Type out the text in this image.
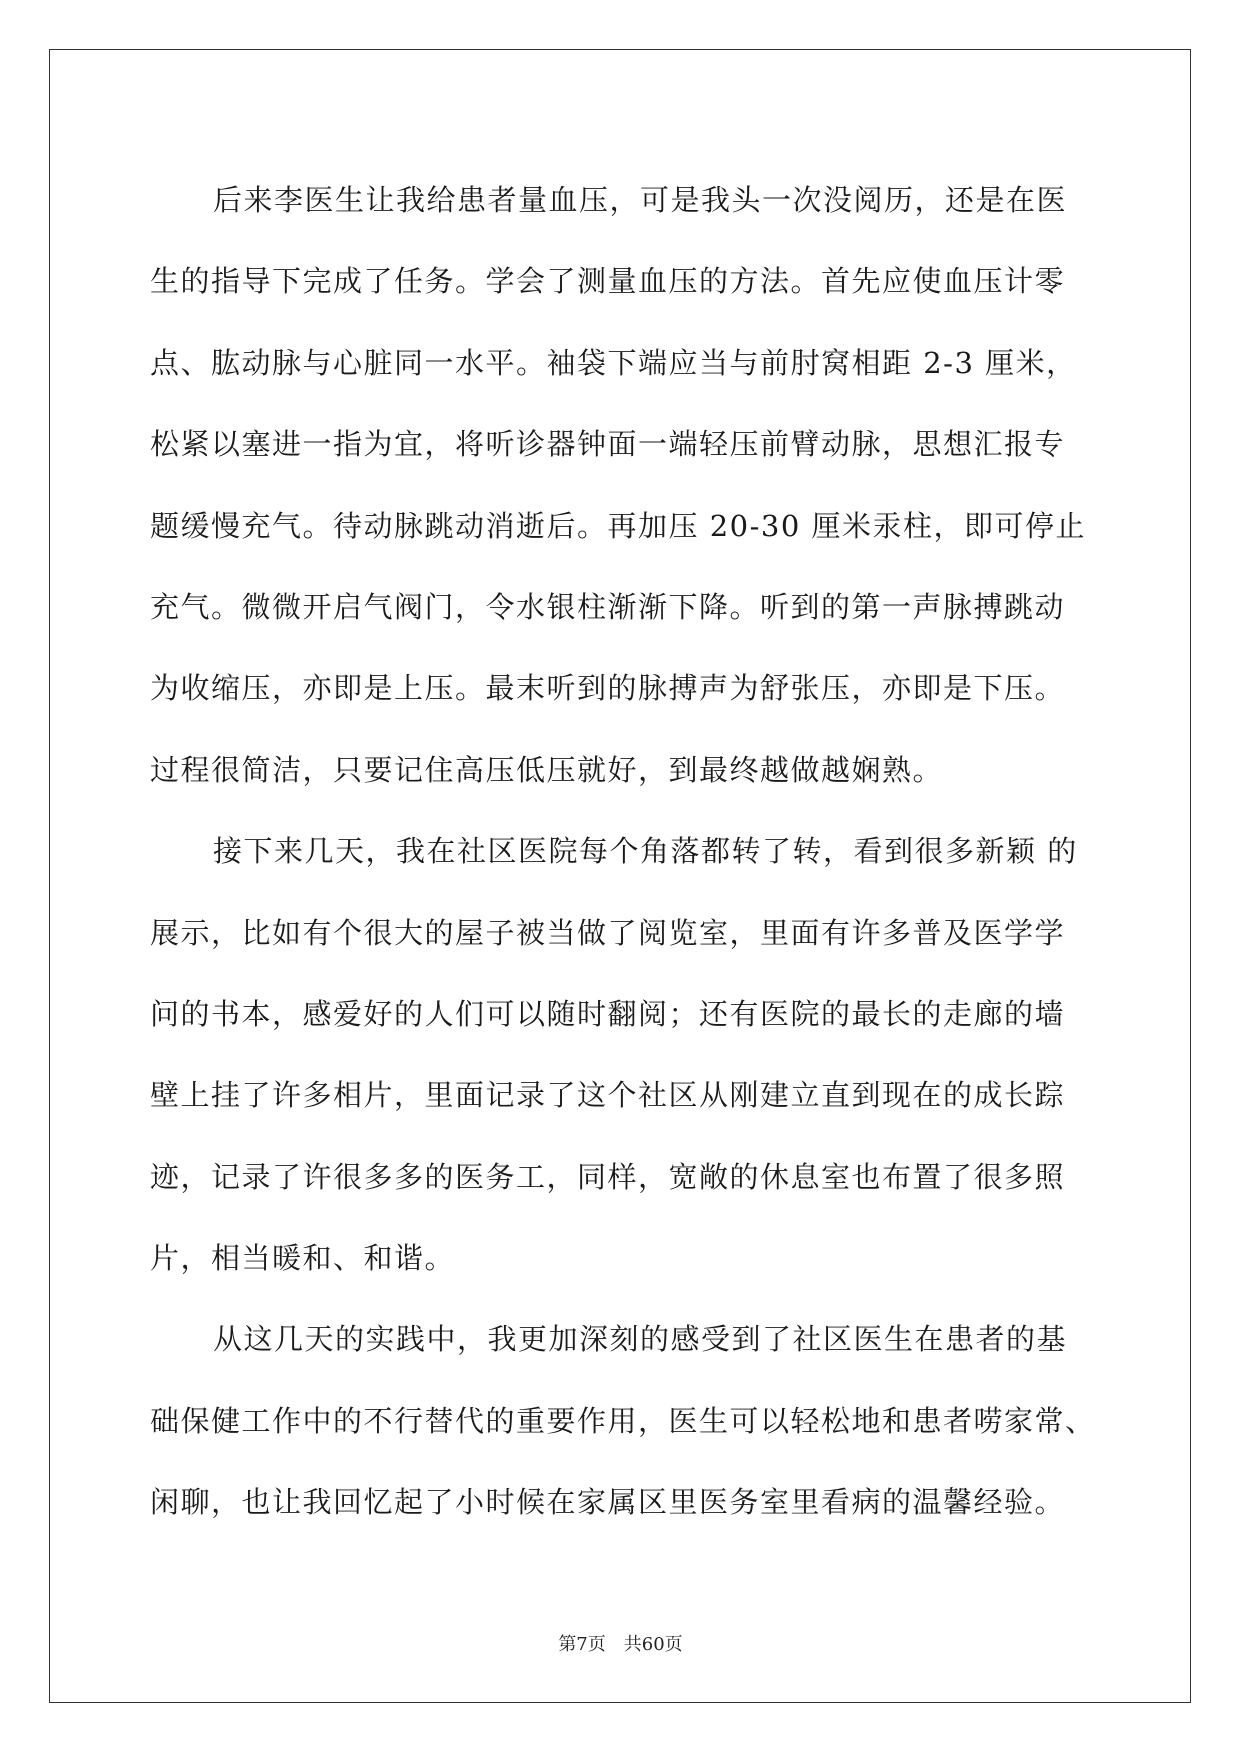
后来李医生让我给患者量血压，可是我头一次没阅历，还是在医
生的指导下完成了任务。学会了测量血压的方法。首先应使血压计零
点、肱动脉与心脏同一水平。袖袋下端应当与前肘窝相距 2-3 厘米，
松紧以塞进一指为宜，将听诊器钟面一端轻压前臂动脉，思想汇报专
题缓慢充气。待动脉跳动消逝后。再加压 20-30 厘米汞柱，即可停止
充气。微微开启气阀门，令水银柱渐渐下降。听到的第一声脉搏跳动
为收缩压，亦即是上压。最末听到的脉搏声为舒张压，亦即是下压。
过程很简洁，只要记住高压低压就好，到最终越做越娴熟。
接下来几天，我在社区医院每个角落都转了转，看到很多新颖 的
展示，比如有个很大的屋子被当做了阅览室，里面有许多普及医学学
问的书本，感爱好的人们可以随时翻阅；还有医院的最长的走廊的墙
壁上挂了许多相片，里面记录了这个社区从刚建立直到现在的成长踪
迹，记录了许很多多的医务工，同样，宽敞的休息室也布置了很多照
片，相当暖和、和谐。
从这几天的实践中，我更加深刻的感受到了社区医生在患者的基
础保健工作中的不行替代的重要作用，医生可以轻松地和患者唠家常、
闲聊，也让我回忆起了小时候在家属区里医务室里看病的温馨经验。
第7页 共60页
